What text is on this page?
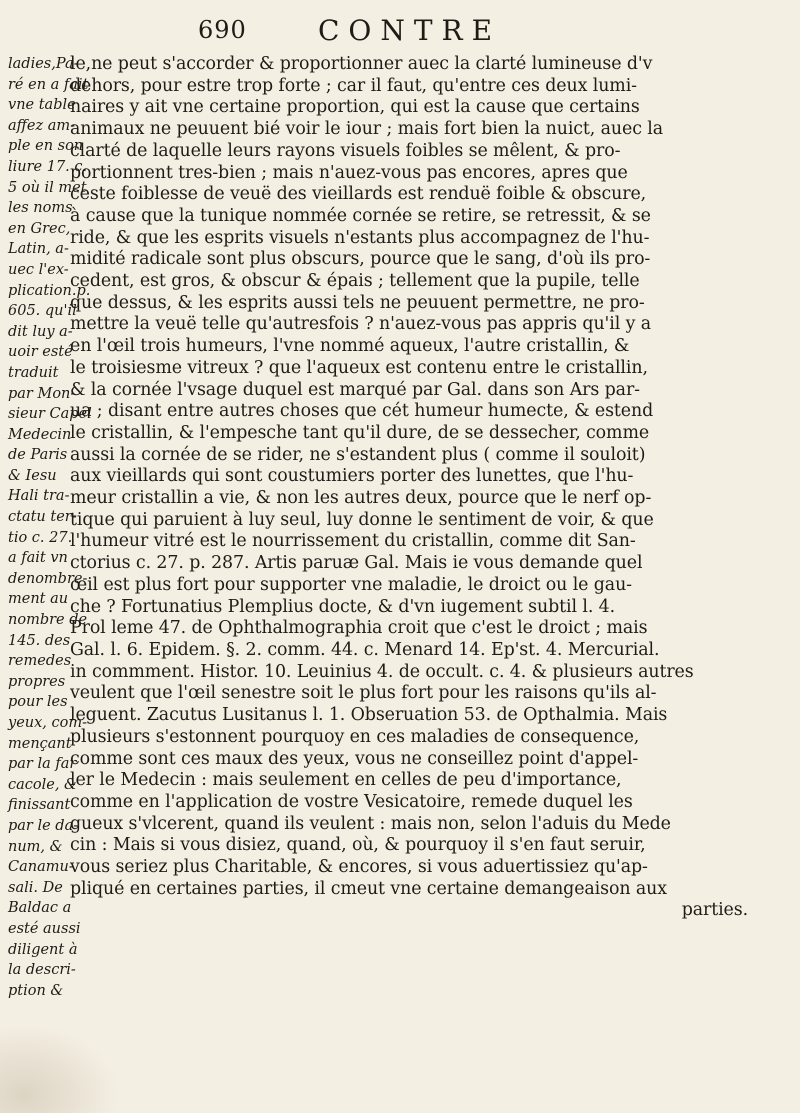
690	CONTRE
ladies,Pa-
ré en a fait
vne table
affez am-
ple en son
liure 17. c.
5 où il met
les noms
en Grec,
Latin, a-
uec l'ex-
plication.p.
605. qu'il
dit luy a-
uoir esté
traduit
par Mon-
sieur Capel
Medecin
de Paris
& Iesu
Hali tra-
ctatu ter-
tio c. 27.
a fait vn
denombre-
ment au
nombre de
145. des
remedes
propres
pour les
yeux, com-
mençant
par la far
cacole, &
finissant
par le da-
num, &
Canamu-
sali. De
Baldac a
esté aussi
diligent à
la descri-
ption &
le,ne peut s'accorder & proportionner auec la clarté lumineuse d'v
dehors, pour estre trop forte ; car il faut, qu'entre ces deux lumi-
naires y ait vne certaine proportion, qui est la cause que certains
animaux ne peuuent bié voir le iour ; mais fort bien la nuict, auec la
clarté de laquelle leurs rayons visuels foibles se mêlent, & pro-
portionnent tres-bien ; mais n'auez-vous pas encores, apres que
ceste foiblesse de veuë des vieillards est renduë foible & obscure,
à cause que la tunique nommée cornée se retire, se retressit, & se
ride, & que les esprits visuels n'estants plus accompagnez de l'hu-
midité radicale sont plus obscurs, pource que le sang, d'où ils pro-
cedent, est gros, & obscur & épais ; tellement que la pupile, telle
que dessus, & les esprits aussi tels ne peuuent permettre, ne pro-
mettre la veuë telle qu'autresfois ? n'auez-vous pas appris qu'il y a
en l'œil trois humeurs, l'vne nommé aqueux, l'autre cristallin, &
le troisiesme vitreux ? que l'aqueux est contenu entre le cristallin,
& la cornée l'vsage duquel est marqué par Gal. dans son Ars par-
ua ; disant entre autres choses que cét humeur humecte, & estend
le cristallin, & l'empesche tant qu'il dure, de se dessecher, comme
aussi la cornée de se rider, ne s'estandent plus ( comme il souloit)
aux vieillards qui sont coustumiers porter des lunettes, que l'hu-
meur cristallin a vie, & non les autres deux, pource que le nerf op-
tique qui paruient à luy seul, luy donne le sentiment de voir, & que
l'humeur vitré est le nourrissement du cristallin, comme dit San-
ctorius c. 27. p. 287. Artis paruæ Gal. Mais ie vous demande quel
œil est plus fort pour supporter vne maladie, le droict ou le gau-
che ? Fortunatius Plemplius docte, & d'vn iugement subtil l. 4.
Prol leme 47. de Ophthalmographia croit que c'est le droict ; mais
Gal. l. 6. Epidem. §. 2. comm. 44. c. Menard 14. Ep'st. 4. Mercurial.
in commment. Histor. 10. Leuinius 4. de occult. c. 4. & plusieurs autres
veulent que l'œil senestre soit le plus fort pour les raisons qu'ils al-
leguent. Zacutus Lusitanus l. 1. Obseruation 53. de Opthalmia. Mais
plusieurs s'estonnent pourquoy en ces maladies de consequence,
comme sont ces maux des yeux, vous ne conseillez point d'appel-
ler le Medecin : mais seulement en celles de peu d'importance,
comme en l'application de vostre Vesicatoire, remede duquel les
gueux s'vlcerent, quand ils veulent : mais non, selon l'aduis du Mede
cin : Mais si vous disiez, quand, où, & pourquoy il s'en faut seruir,
vous seriez plus Charitable, & encores, si vous aduertissiez qu'ap-
pliqué en certaines parties, il cmeut vne certaine demangeaison aux
parties.
